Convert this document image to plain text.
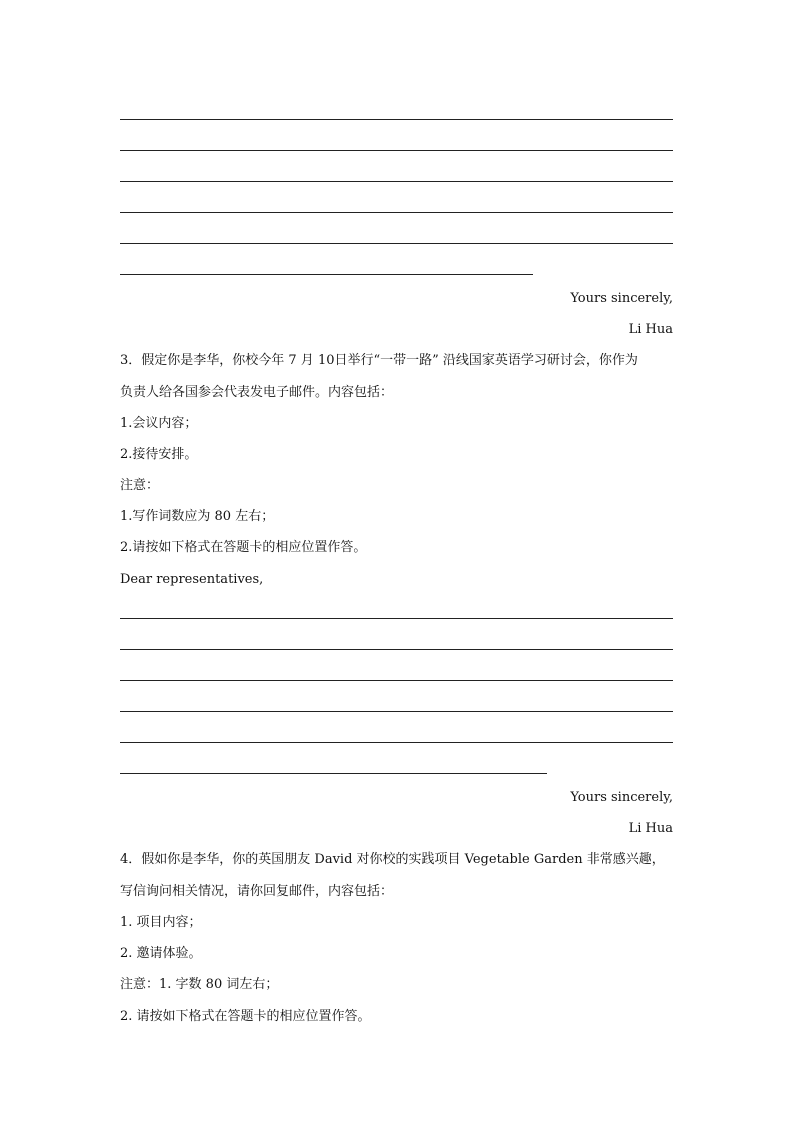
Yours sincerely,
Li Hua
3．假定你是李华，你校今年 7 月 10日举行“一带一路” 沿线国家英语学习研讨会，你作为
负责人给各国参会代表发电子邮件。内容包括：
1.会议内容；
2.接待安排。
注意：
1.写作词数应为 80 左右；
2.请按如下格式在答题卡的相应位置作答。
Dear representatives,
Yours sincerely,
Li Hua
4．假如你是李华，你的英国朋友 David 对你校的实践项目 Vegetable Garden 非常感兴趣，
写信询问相关情况，请你回复邮件，内容包括：
1. 项目内容；
2. 邀请体验。
注意：1. 字数 80 词左右；
2. 请按如下格式在答题卡的相应位置作答。
